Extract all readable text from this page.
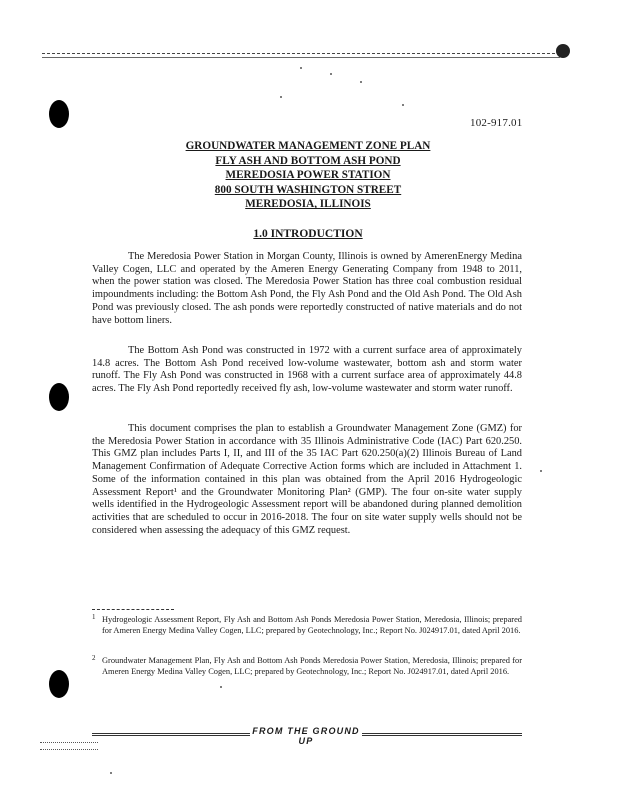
102-917.01
GROUNDWATER MANAGEMENT ZONE PLAN
FLY ASH AND BOTTOM ASH POND
MEREDOSIA POWER STATION
800 SOUTH WASHINGTON STREET
MEREDOSIA, ILLINOIS
1.0 INTRODUCTION
The Meredosia Power Station in Morgan County, Illinois is owned by AmerenEnergy Medina Valley Cogen, LLC and operated by the Ameren Energy Generating Company from 1948 to 2011, when the power station was closed. The Meredosia Power Station has three coal combustion residual impoundments including: the Bottom Ash Pond, the Fly Ash Pond and the Old Ash Pond. The Old Ash Pond was previously closed. The ash ponds were reportedly constructed of native materials and do not have bottom liners.
The Bottom Ash Pond was constructed in 1972 with a current surface area of approximately 14.8 acres. The Bottom Ash Pond received low-volume wastewater, bottom ash and storm water runoff. The Fly Ash Pond was constructed in 1968 with a current surface area of approximately 44.8 acres. The Fly Ash Pond reportedly received fly ash, low-volume wastewater and storm water runoff.
This document comprises the plan to establish a Groundwater Management Zone (GMZ) for the Meredosia Power Station in accordance with 35 Illinois Administrative Code (IAC) Part 620.250. This GMZ plan includes Parts I, II, and III of the 35 IAC Part 620.250(a)(2) Illinois Bureau of Land Management Confirmation of Adequate Corrective Action forms which are included in Attachment 1. Some of the information contained in this plan was obtained from the April 2016 Hydrogeologic Assessment Report¹ and the Groundwater Monitoring Plan² (GMP). The four on-site water supply wells identified in the Hydrogeologic Assessment report will be abandoned during planned demolition activities that are scheduled to occur in 2016-2018. The four on site water supply wells should not be considered when assessing the adequacy of this GMZ request.
1 Hydrogeologic Assessment Report, Fly Ash and Bottom Ash Ponds Meredosia Power Station, Meredosia, Illinois; prepared for Ameren Energy Medina Valley Cogen, LLC; prepared by Geotechnology, Inc.; Report No. J024917.01, dated April 2016.
2 Groundwater Management Plan, Fly Ash and Bottom Ash Ponds Meredosia Power Station, Meredosia, Illinois; prepared for Ameren Energy Medina Valley Cogen, LLC; prepared by Geotechnology, Inc.; Report No. J024917.01, dated April 2016.
FROM THE GROUND UP
